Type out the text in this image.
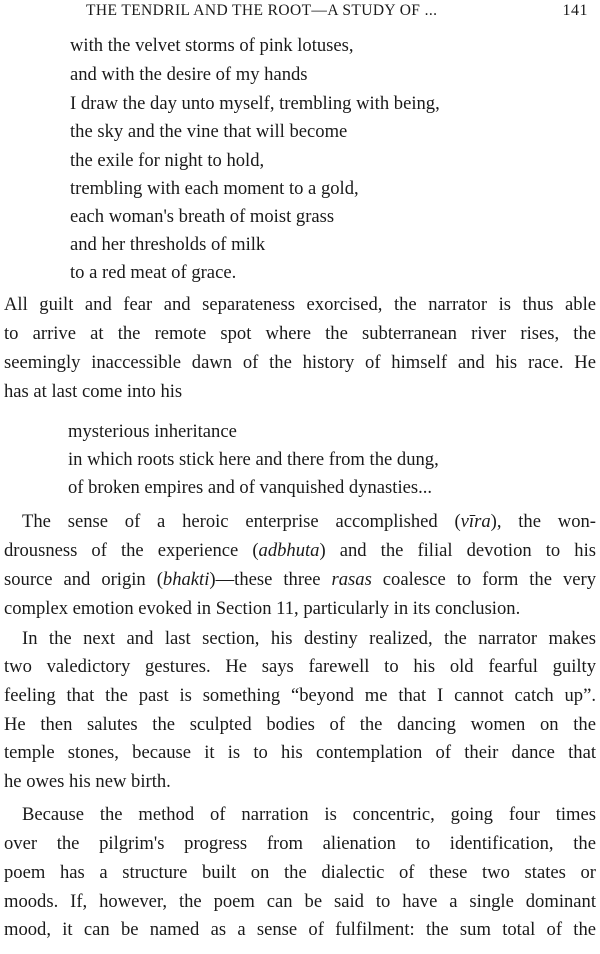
THE TENDRIL AND THE ROOT—A STUDY OF ...	141
with the velvet storms of pink lotuses,
and with the desire of my hands
I draw the day unto myself, trembling with being,
the sky and the vine that will become
the exile for night to hold,
trembling with each moment to a gold,
each woman's breath of moist grass
and her thresholds of milk
to a red meat of grace.
All guilt and fear and separateness exorcised, the narrator is thus able
to arrive at the remote spot where the subterranean river rises, the
seemingly inaccessible dawn of the history of himself and his race. He
has at last come into his
mysterious inheritance
in which roots stick here and there from the dung,
of broken empires and of vanquished dynasties...
The sense of a heroic enterprise accomplished (vīra), the won-
drousness of the experience (adbhuta) and the filial devotion to his
source and origin (bhakti)—these three rasas coalesce to form the very
complex emotion evoked in Section 11, particularly in its conclusion.
In the next and last section, his destiny realized, the narrator makes
two valedictory gestures. He says farewell to his old fearful guilty
feeling that the past is something “beyond me that I cannot catch up”.
He then salutes the sculpted bodies of the dancing women on the
temple stones, because it is to his contemplation of their dance that
he owes his new birth.
Because the method of narration is concentric, going four times
over the pilgrim's progress from alienation to identification, the
poem has a structure built on the dialectic of these two states or
moods. If, however, the poem can be said to have a single dominant
mood, it can be named as a sense of fulfilment: the sum total of the
